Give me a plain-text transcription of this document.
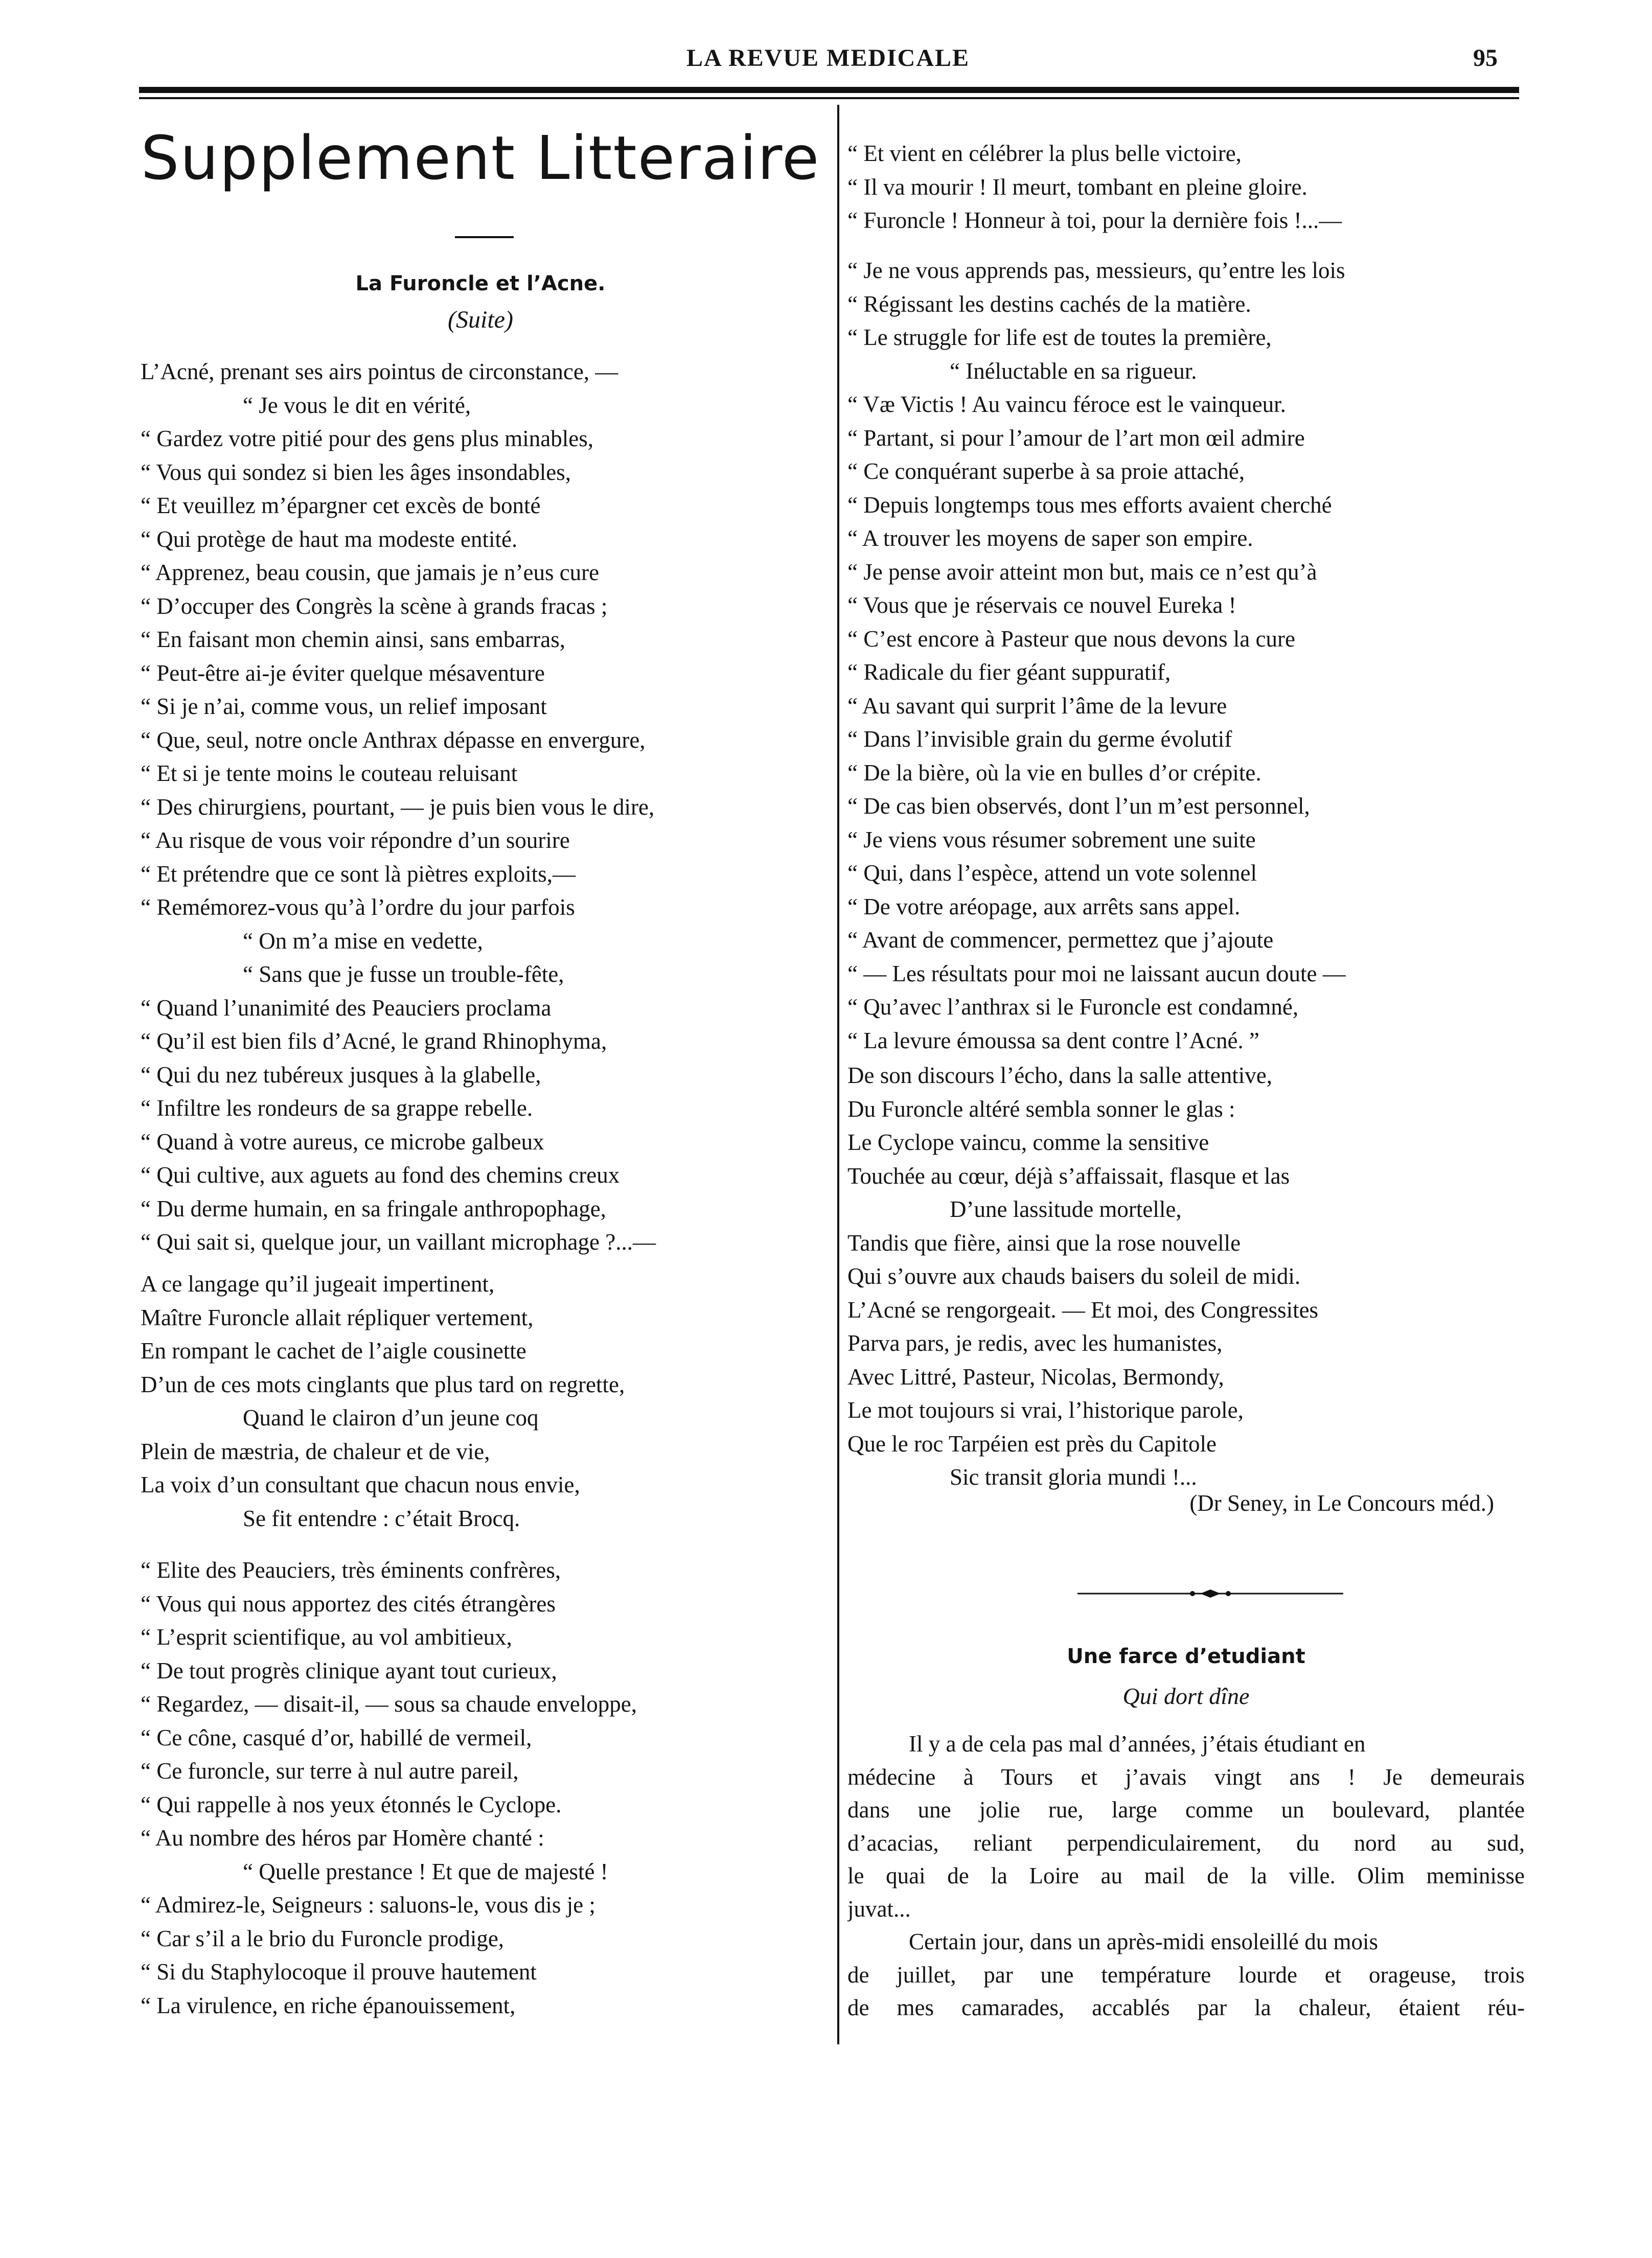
LA REVUE MEDICALE	95
Supplement Litteraire
La Furoncle et l’Acne.
(Suite)
L’Acné, prenant ses airs pointus de circonstance, —
“ Je vous le dit en vérité,
“ Gardez votre pitié pour des gens plus minables,
“ Vous qui sondez si bien les âges insondables,
“ Et veuillez m’épargner cet excès de bonté
“ Qui protège de haut ma modeste entité.
“ Apprenez, beau cousin, que jamais je n’eus cure
“ D’occuper des Congrès la scène à grands fracas ;
“ En faisant mon chemin ainsi, sans embarras,
“ Peut-être ai-je éviter quelque mésaventure
“ Si je n’ai, comme vous, un relief imposant
“ Que, seul, notre oncle Anthrax dépasse en envergure,
“ Et si je tente moins le couteau reluisant
“ Des chirurgiens, pourtant, — je puis bien vous le dire,
“ Au risque de vous voir répondre d’un sourire
“ Et prétendre que ce sont là piètres exploits,—
“ Remémorez-vous qu’à l’ordre du jour parfois
“ On m’a mise en vedette,
“ Sans que je fusse un trouble-fête,
“ Quand l’unanimité des Peauciers proclama
“ Qu’il est bien fils d’Acné, le grand Rhinophyma,
“ Qui du nez tubéreux jusques à la glabelle,
“ Infiltre les rondeurs de sa grappe rebelle.
“ Quand à votre aureus, ce microbe galbeux
“ Qui cultive, aux aguets au fond des chemins creux
“ Du derme humain, en sa fringale anthropophage,
“ Qui sait si, quelque jour, un vaillant microphage ?...—
A ce langage qu’il jugeait impertinent,
Maître Furoncle allait répliquer vertement,
En rompant le cachet de l’aigle cousinette
D’un de ces mots cinglants que plus tard on regrette,
Quand le clairon d’un jeune coq
Plein de mæstria, de chaleur et de vie,
La voix d’un consultant que chacun nous envie,
Se fit entendre : c’était Brocq.
“ Elite des Peauciers, très éminents confrères,
“ Vous qui nous apportez des cités étrangères
“ L’esprit scientifique, au vol ambitieux,
“ De tout progrès clinique ayant tout curieux,
“ Regardez, — disait-il, — sous sa chaude enveloppe,
“ Ce cône, casqué d’or, habillé de vermeil,
“ Ce furoncle, sur terre à nul autre pareil,
“ Qui rappelle à nos yeux étonnés le Cyclope.
“ Au nombre des héros par Homère chanté :
“ Quelle prestance ! Et que de majesté !
“ Admirez-le, Seigneurs : saluons-le, vous dis je ;
“ Car s’il a le brio du Furoncle prodige,
“ Si du Staphylocoque il prouve hautement
“ La virulence, en riche épanouissement,
“ Et vient en célébrer la plus belle victoire,
“ Il va mourir ! Il meurt, tombant en pleine gloire.
“ Furoncle ! Honneur à toi, pour la dernière fois !...—
“ Je ne vous apprends pas, messieurs, qu’entre les lois
“ Régissant les destins cachés de la matière.
“ Le struggle for life est de toutes la première,
“ Inéluctable en sa rigueur.
“ Væ Victis ! Au vaincu féroce est le vainqueur.
“ Partant, si pour l’amour de l’art mon œil admire
“ Ce conquérant superbe à sa proie attaché,
“ Depuis longtemps tous mes efforts avaient cherché
“ A trouver les moyens de saper son empire.
“ Je pense avoir atteint mon but, mais ce n’est qu’à
“ Vous que je réservais ce nouvel Eureka !
“ C’est encore à Pasteur que nous devons la cure
“ Radicale du fier géant suppuratif,
“ Au savant qui surprit l’âme de la levure
“ Dans l’invisible grain du germe évolutif
“ De la bière, où la vie en bulles d’or crépite.
“ De cas bien observés, dont l’un m’est personnel,
“ Je viens vous résumer sobrement une suite
“ Qui, dans l’espèce, attend un vote solennel
“ De votre aréopage, aux arrêts sans appel.
“ Avant de commencer, permettez que j’ajoute
“ — Les résultats pour moi ne laissant aucun doute —
“ Qu’avec l’anthrax si le Furoncle est condamné,
“ La levure émoussa sa dent contre l’Acné. ”
De son discours l’écho, dans la salle attentive,
Du Furoncle altéré sembla sonner le glas :
Le Cyclope vaincu, comme la sensitive
Touchée au cœur, déjà s’affaissait, flasque et las
D’une lassitude mortelle,
Tandis que fière, ainsi que la rose nouvelle
Qui s’ouvre aux chauds baisers du soleil de midi.
L’Acné se rengorgeait. — Et moi, des Congressites
Parva pars, je redis, avec les humanistes,
Avec Littré, Pasteur, Nicolas, Bermondy,
Le mot toujours si vrai, l’historique parole,
Que le roc Tarpéien est près du Capitole
Sic transit gloria mundi !...
(Dr Seney, in Le Concours méd.)
Une farce d’etudiant
Qui dort dîne
Il y a de cela pas mal d’années, j’étais étudiant en
médecine à Tours et j’avais vingt ans ! Je demeurais
dans une jolie rue, large comme un boulevard, plantée
d’acacias, reliant perpendiculairement, du nord au sud,
le quai de la Loire au mail de la ville. Olim meminisse
juvat...
Certain jour, dans un après-midi ensoleillé du mois
de juillet, par une température lourde et orageuse, trois
de mes camarades, accablés par la chaleur, étaient réu-
